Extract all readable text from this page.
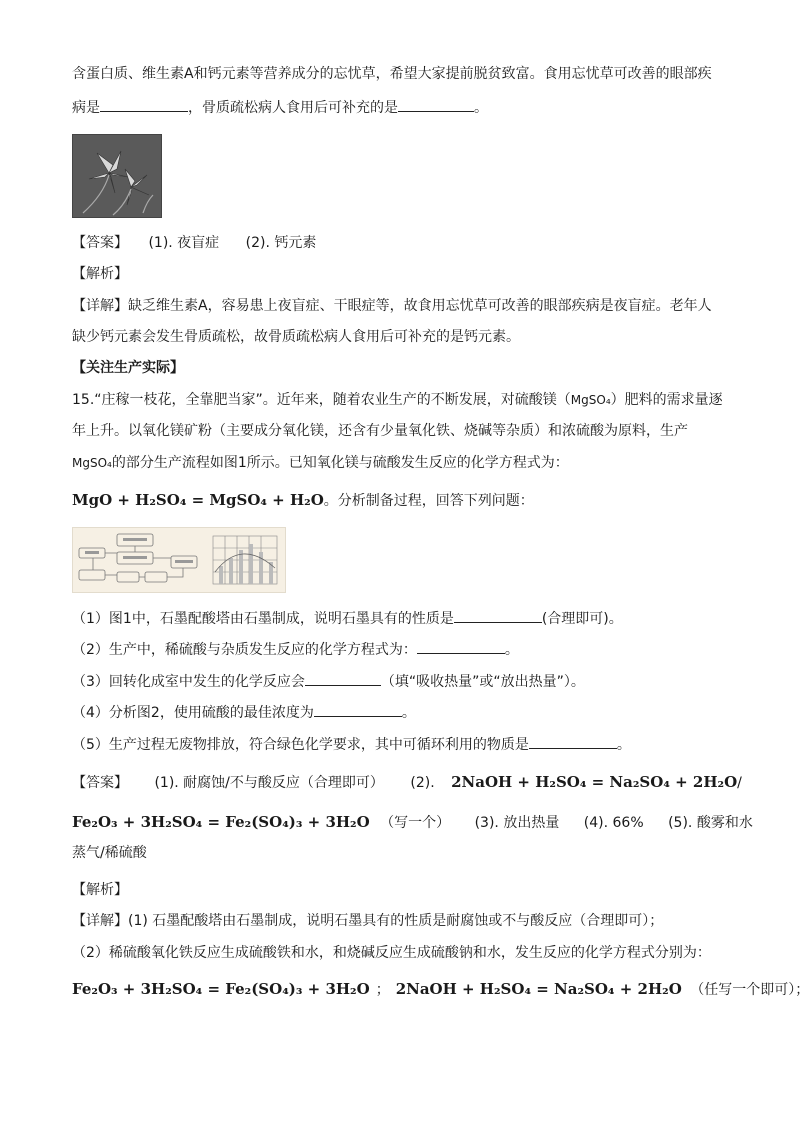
含蛋白质、维生素A和钙元素等营养成分的忘忧草，希望大家提前脱贫致富。食用忘忧草可改善的眼部疾
病是	，骨质疏松病人食用后可补充的是	。
【答案】 (1). 夜盲症 (2). 钙元素
【解析】
【详解】缺乏维生素A，容易患上夜盲症、干眼症等，故食用忘忧草可改善的眼部疾病是夜盲症。老年人
缺少钙元素会发生骨质疏松，故骨质疏松病人食用后可补充的是钙元素。
【关注生产实际】
15.“庄稼一枝花，全靠肥当家”。近年来，随着农业生产的不断发展，对硫酸镁（MgSO₄）肥料的需求量逐
年上升。以氧化镁矿粉（主要成分氧化镁，还含有少量氧化铁、烧碱等杂质）和浓硫酸为原料，生产
MgSO₄的部分生产流程如图1所示。已知氧化镁与硫酸发生反应的化学方程式为：
MgO + H₂SO₄ = MgSO₄ + H₂O。分析制备过程，回答下列问题：
（1）图1中，石墨配酸塔由石墨制成，说明石墨具有的性质是	(合理即可)。
（2）生产中，稀硫酸与杂质发生反应的化学方程式为：	。
（3）回转化成室中发生的化学反应会	（填“吸收热量”或“放出热量”）。
（4）分析图2，使用硫酸的最佳浓度为	。
（5）生产过程无废物排放，符合绿色化学要求，其中可循环利用的物质是	。
【答案】 (1). 耐腐蚀/不与酸反应（合理即可） (2). 2NaOH + H₂SO₄ = Na₂SO₄ + 2H₂O/
Fe₂O₃ + 3H₂SO₄ = Fe₂(SO₄)₃ + 3H₂O （写一个） (3). 放出热量 (4). 66% (5). 酸雾和水
蒸气/稀硫酸
【解析】
【详解】(1) 石墨配酸塔由石墨制成，说明石墨具有的性质是耐腐蚀或不与酸反应（合理即可）；
（2）稀硫酸氧化铁反应生成硫酸铁和水，和烧碱反应生成硫酸钠和水，发生反应的化学方程式分别为：
Fe₂O₃ + 3H₂SO₄ = Fe₂(SO₄)₃ + 3H₂O ； 2NaOH + H₂SO₄ = Na₂SO₄ + 2H₂O （任写一个即可）；
